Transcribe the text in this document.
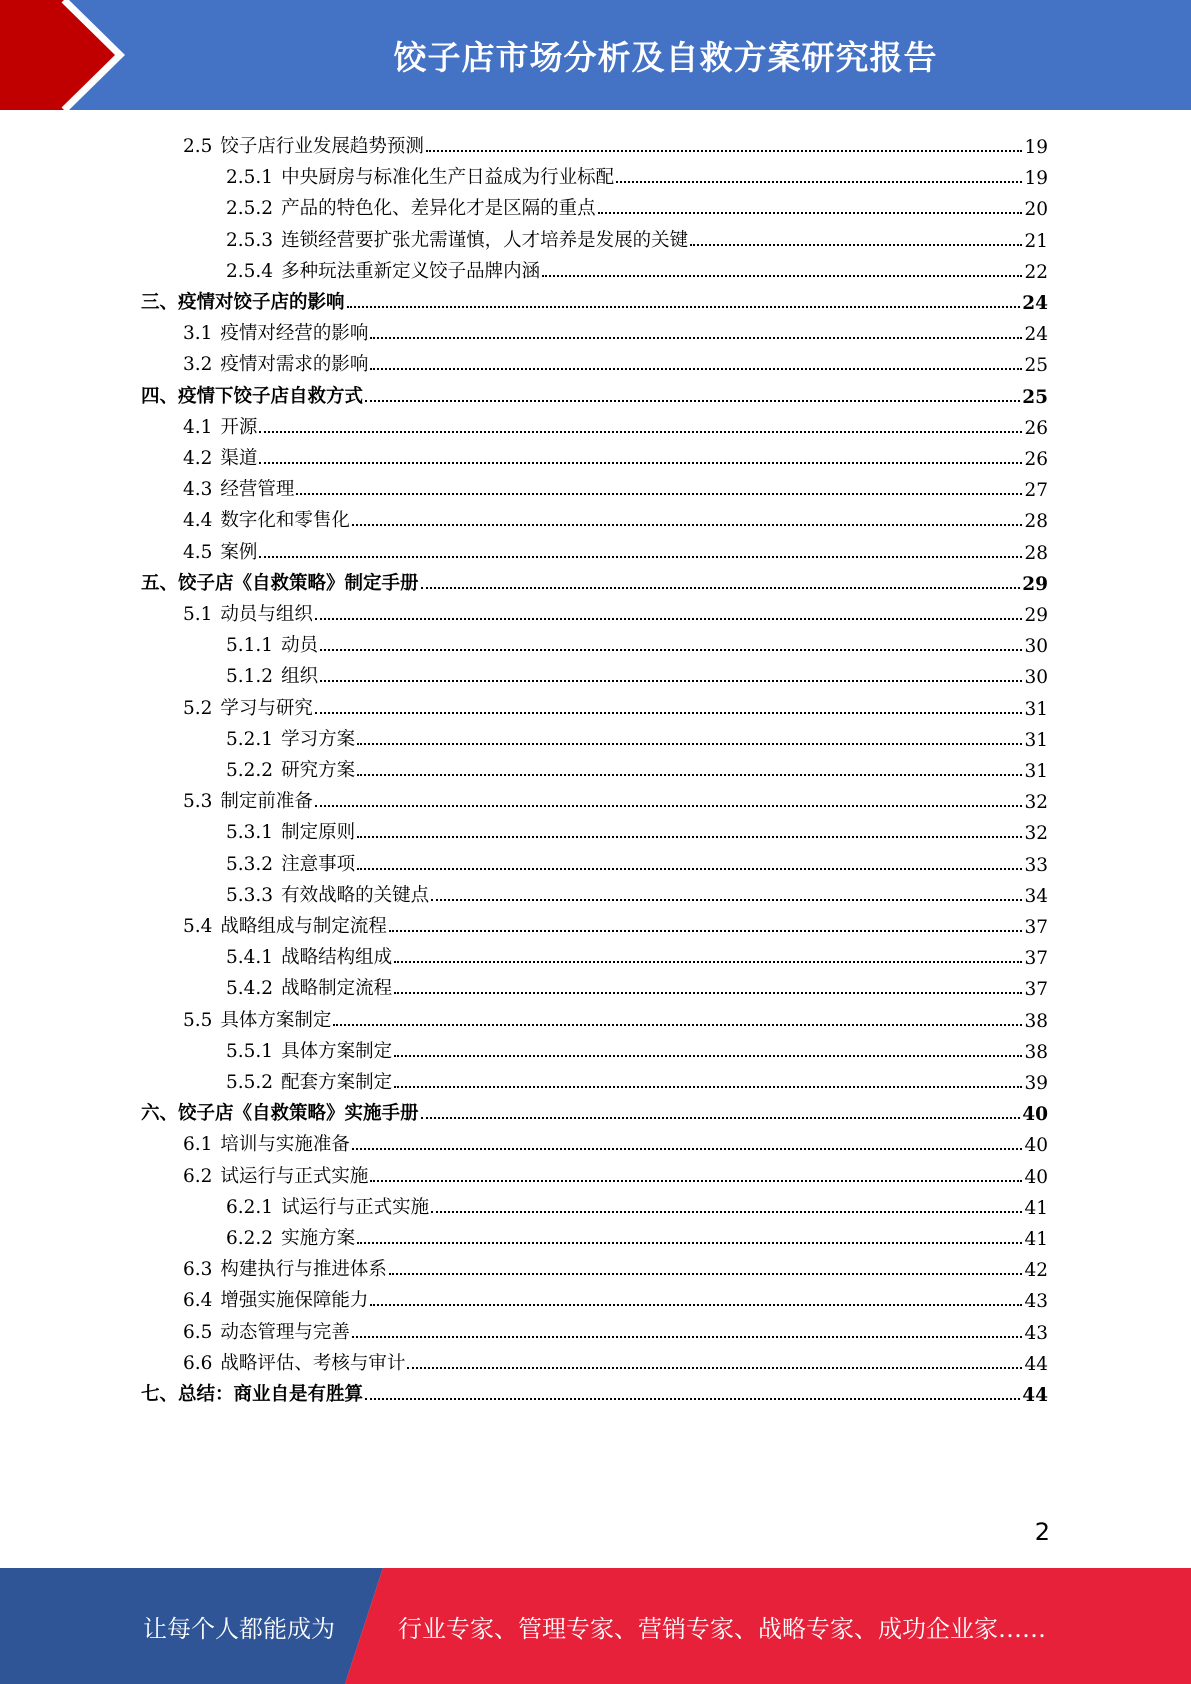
饺子店市场分析及自救方案研究报告
2.5 饺子店行业发展趋势预测	19
2.5.1 中央厨房与标准化生产日益成为行业标配	19
2.5.2 产品的特色化、差异化才是区隔的重点	20
2.5.3 连锁经营要扩张尤需谨慎，人才培养是发展的关键	21
2.5.4 多种玩法重新定义饺子品牌内涵	22
三、疫情对饺子店的影响	24
3.1 疫情对经营的影响	24
3.2 疫情对需求的影响	25
四、疫情下饺子店自救方式	25
4.1 开源	26
4.2 渠道	26
4.3 经营管理	27
4.4 数字化和零售化	28
4.5 案例	28
五、饺子店《自救策略》制定手册	29
5.1 动员与组织	29
5.1.1 动员	30
5.1.2 组织	30
5.2 学习与研究	31
5.2.1 学习方案	31
5.2.2 研究方案	31
5.3 制定前准备	32
5.3.1 制定原则	32
5.3.2 注意事项	33
5.3.3 有效战略的关键点	34
5.4 战略组成与制定流程	37
5.4.1 战略结构组成	37
5.4.2 战略制定流程	37
5.5 具体方案制定	38
5.5.1 具体方案制定	38
5.5.2 配套方案制定	39
六、饺子店《自救策略》实施手册	40
6.1 培训与实施准备	40
6.2 试运行与正式实施	40
6.2.1 试运行与正式实施	41
6.2.2 实施方案	41
6.3 构建执行与推进体系	42
6.4 增强实施保障能力	43
6.5 动态管理与完善	43
6.6 战略评估、考核与审计	44
七、总结：商业自是有胜算	44
2
让每个人都能成为	行业专家、管理专家、营销专家、战略专家、成功企业家……
